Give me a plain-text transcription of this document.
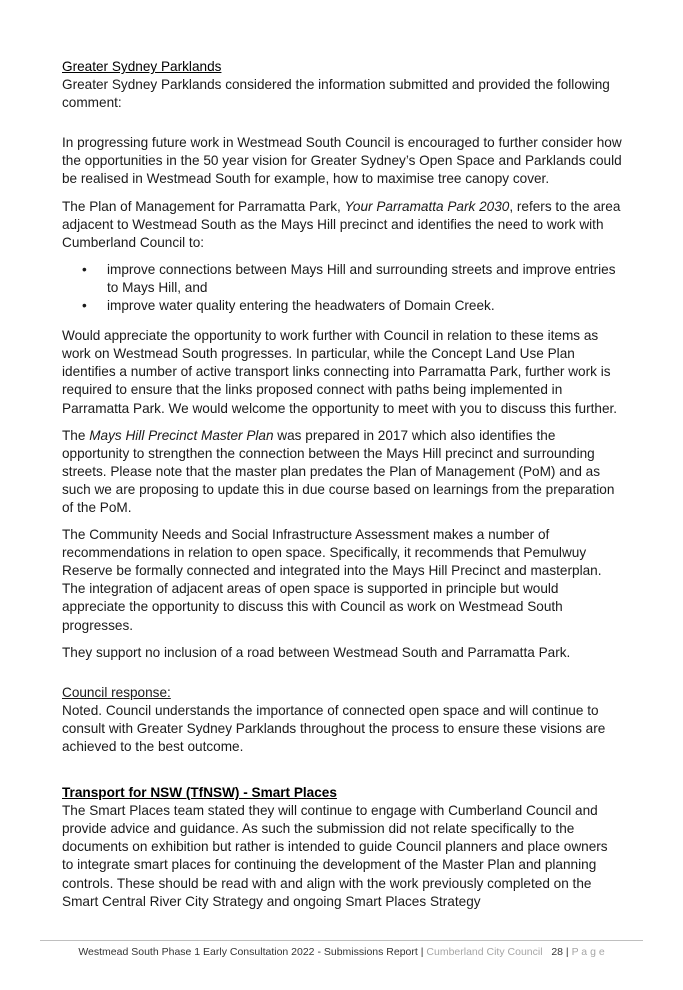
Greater Sydney Parklands

Greater Sydney Parklands considered the information submitted and provided the following comment:

In progressing future work in Westmead South Council is encouraged to further consider how the opportunities in the 50 year vision for Greater Sydney’s Open Space and Parklands could be realised in Westmead South for example, how to maximise tree canopy cover.

The Plan of Management for Parramatta Park, Your Parramatta Park 2030, refers to the area adjacent to Westmead South as the Mays Hill precinct and identifies the need to work with Cumberland Council to:

• improve connections between Mays Hill and surrounding streets and improve entries to Mays Hill, and
• improve water quality entering the headwaters of Domain Creek.

Would appreciate the opportunity to work further with Council in relation to these items as work on Westmead South progresses. In particular, while the Concept Land Use Plan identifies a number of active transport links connecting into Parramatta Park, further work is required to ensure that the links proposed connect with paths being implemented in Parramatta Park. We would welcome the opportunity to meet with you to discuss this further.

The Mays Hill Precinct Master Plan was prepared in 2017 which also identifies the opportunity to strengthen the connection between the Mays Hill precinct and surrounding streets. Please note that the master plan predates the Plan of Management (PoM) and as such we are proposing to update this in due course based on learnings from the preparation of the PoM.

The Community Needs and Social Infrastructure Assessment makes a number of recommendations in relation to open space. Specifically, it recommends that Pemulwuy Reserve be formally connected and integrated into the Mays Hill Precinct and masterplan. The integration of adjacent areas of open space is supported in principle but would appreciate the opportunity to discuss this with Council as work on Westmead South progresses.

They support no inclusion of a road between Westmead South and Parramatta Park.

Council response:

Noted. Council understands the importance of connected open space and will continue to consult with Greater Sydney Parklands throughout the process to ensure these visions are achieved to the best outcome.

Transport for NSW (TfNSW) - Smart Places

The Smart Places team stated they will continue to engage with Cumberland Council and provide advice and guidance. As such the submission did not relate specifically to the documents on exhibition but rather is intended to guide Council planners and place owners to integrate smart places for continuing the development of the Master Plan and planning controls. These should be read with and align with the work previously completed on the Smart Central River City Strategy and ongoing Smart Places Strategy

Westmead South Phase 1 Early Consultation 2022 - Submissions Report | Cumberland City Council 28 | P a g e
